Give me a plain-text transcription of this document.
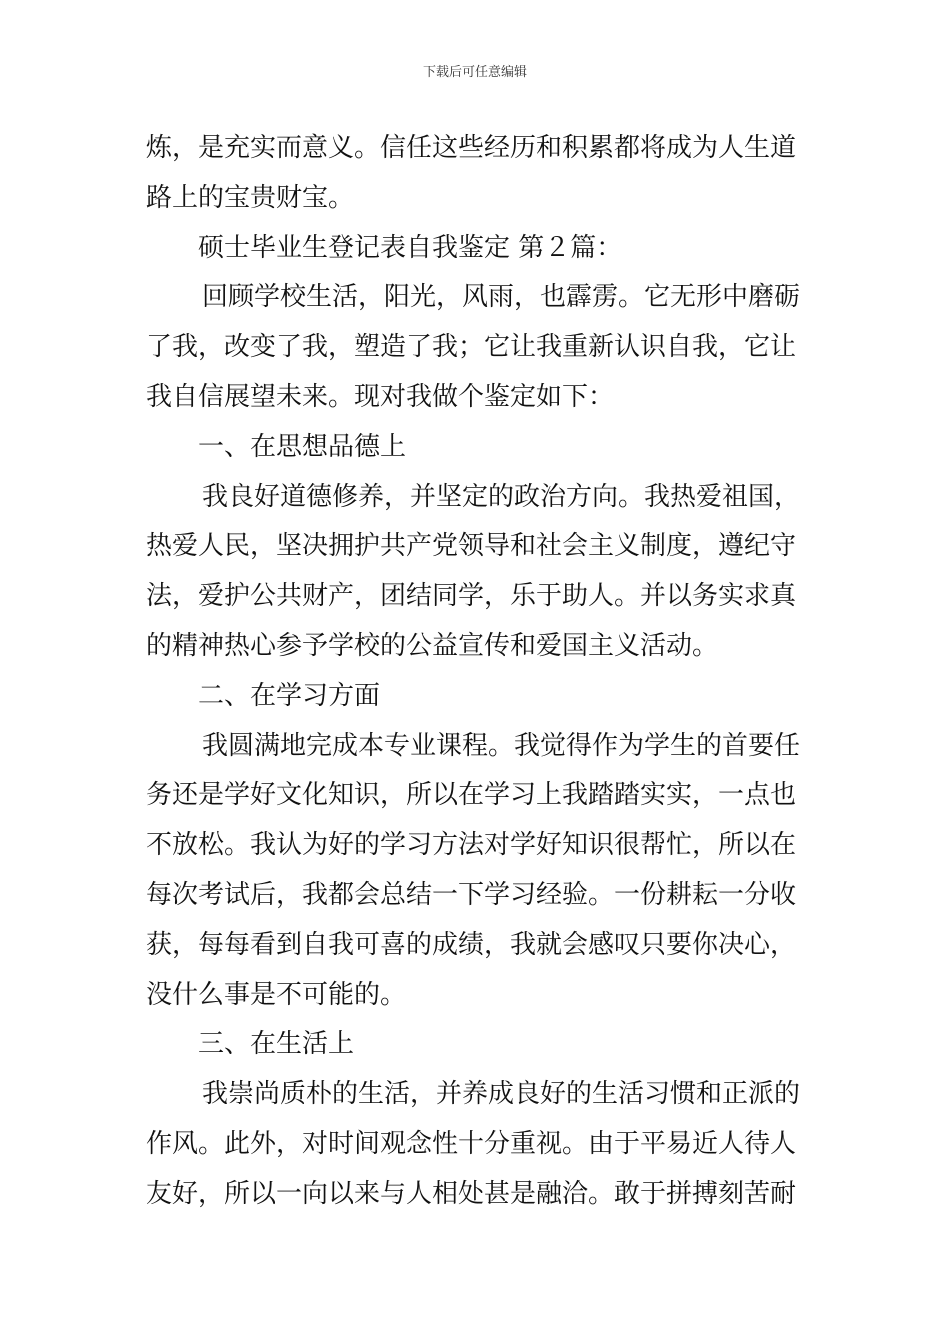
下载后可任意编辑
炼，是充实而意义。信任这些经历和积累都将成为人生道
路上的宝贵财宝。
硕士毕业生登记表自我鉴定 第２篇：
回顾学校生活，阳光，风雨，也霹雳。它无形中磨砺
了我，改变了我，塑造了我；它让我重新认识自我，它让
我自信展望未来。现对我做个鉴定如下：
一、在思想品德上
我良好道德修养，并坚定的政治方向。我热爱祖国，
热爱人民，坚决拥护共产党领导和社会主义制度，遵纪守
法，爱护公共财产，团结同学，乐于助人。并以务实求真
的精神热心参予学校的公益宣传和爱国主义活动。
二、在学习方面
我圆满地完成本专业课程。我觉得作为学生的首要任
务还是学好文化知识，所以在学习上我踏踏实实，一点也
不放松。我认为好的学习方法对学好知识很帮忙，所以在
每次考试后，我都会总结一下学习经验。一份耕耘一分收
获，每每看到自我可喜的成绩，我就会感叹只要你决心，
没什么事是不可能的。
三、在生活上
我崇尚质朴的生活，并养成良好的生活习惯和正派的
作风。此外，对时间观念性十分重视。由于平易近人待人
友好，所以一向以来与人相处甚是融洽。敢于拼搏刻苦耐
